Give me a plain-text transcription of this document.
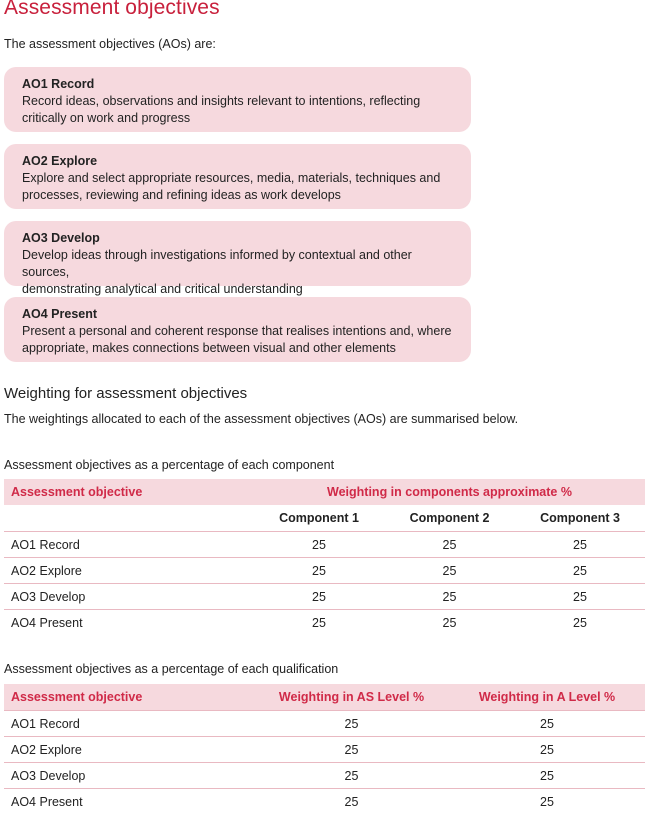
Assessment objectives

The assessment objectives (AOs) are:

AO1 Record
Record ideas, observations and insights relevant to intentions, reflecting
critically on work and progress
AO2 Explore
Explore and select appropriate resources, media, materials, techniques and
processes, reviewing and refining ideas as work develops
AO3 Develop
Develop ideas through investigations informed by contextual and other sources,
demonstrating analytical and critical understanding
AO4 Present
Present a personal and coherent response that realises intentions and, where
appropriate, makes connections between visual and other elements
Weighting for assessment objectives

The weightings allocated to each of the assessment objectives (AOs) are summarised below.

Assessment objectives as a percentage of each component

Assessment objective	Weighting in components approximate %		
	Component 1	Component 2	Component 3
AO1 Record	25	25	25
AO2 Explore	25	25	25
AO3 Develop	25	25	25
AO4 Present	25	25	25

Assessment objectives as a percentage of each qualification

Assessment objective	Weighting in AS Level %	Weighting in A Level %
AO1 Record	25	25
AO2 Explore	25	25
AO3 Develop	25	25
AO4 Present	25	25
